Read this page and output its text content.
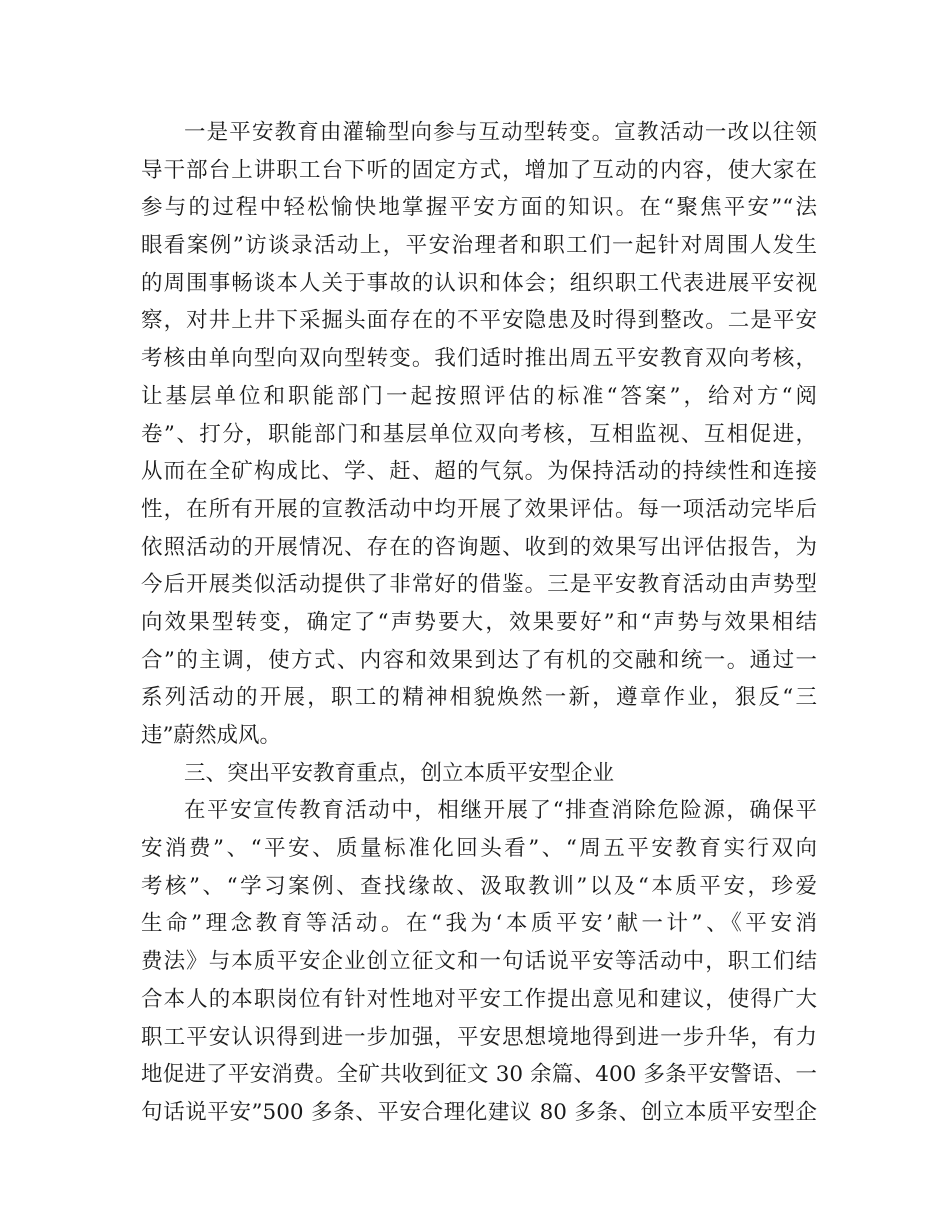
一是平安教育由灌输型向参与互动型转变。宣教活动一改以往领
导干部台上讲职工台下听的固定方式，增加了互动的内容，使大家在
参与的过程中轻松愉快地掌握平安方面的知识。在“聚焦平安”“法
眼看案例”访谈录活动上，平安治理者和职工们一起针对周围人发生
的周围事畅谈本人关于事故的认识和体会；组织职工代表进展平安视
察，对井上井下采掘头面存在的不平安隐患及时得到整改。二是平安
考核由单向型向双向型转变。我们适时推出周五平安教育双向考核，
让基层单位和职能部门一起按照评估的标准“答案”，给对方“阅
卷”、打分，职能部门和基层单位双向考核，互相监视、互相促进，
从而在全矿构成比、学、赶、超的气氛。为保持活动的持续性和连接
性，在所有开展的宣教活动中均开展了效果评估。每一项活动完毕后
依照活动的开展情况、存在的咨询题、收到的效果写出评估报告，为
今后开展类似活动提供了非常好的借鉴。三是平安教育活动由声势型
向效果型转变，确定了“声势要大，效果要好”和“声势与效果相结
合”的主调，使方式、内容和效果到达了有机的交融和统一。通过一
系列活动的开展，职工的精神相貌焕然一新，遵章作业，狠反“三
违”蔚然成风。
三、突出平安教育重点，创立本质平安型企业
在平安宣传教育活动中，相继开展了“排查消除危险源，确保平
安消费”、“平安、质量标准化回头看”、“周五平安教育实行双向
考核”、“学习案例、查找缘故、汲取教训”以及“本质平安，珍爱
生命”理念教育等活动。在“我为‘本质平安’献一计”、《平安消
费法》与本质平安企业创立征文和一句话说平安等活动中，职工们结
合本人的本职岗位有针对性地对平安工作提出意见和建议，使得广大
职工平安认识得到进一步加强，平安思想境地得到进一步升华，有力
地促进了平安消费。全矿共收到征文 30 余篇、400 多条平安警语、一
句话说平安”500 多条、平安合理化建议 80 多条、创立本质平安型企
